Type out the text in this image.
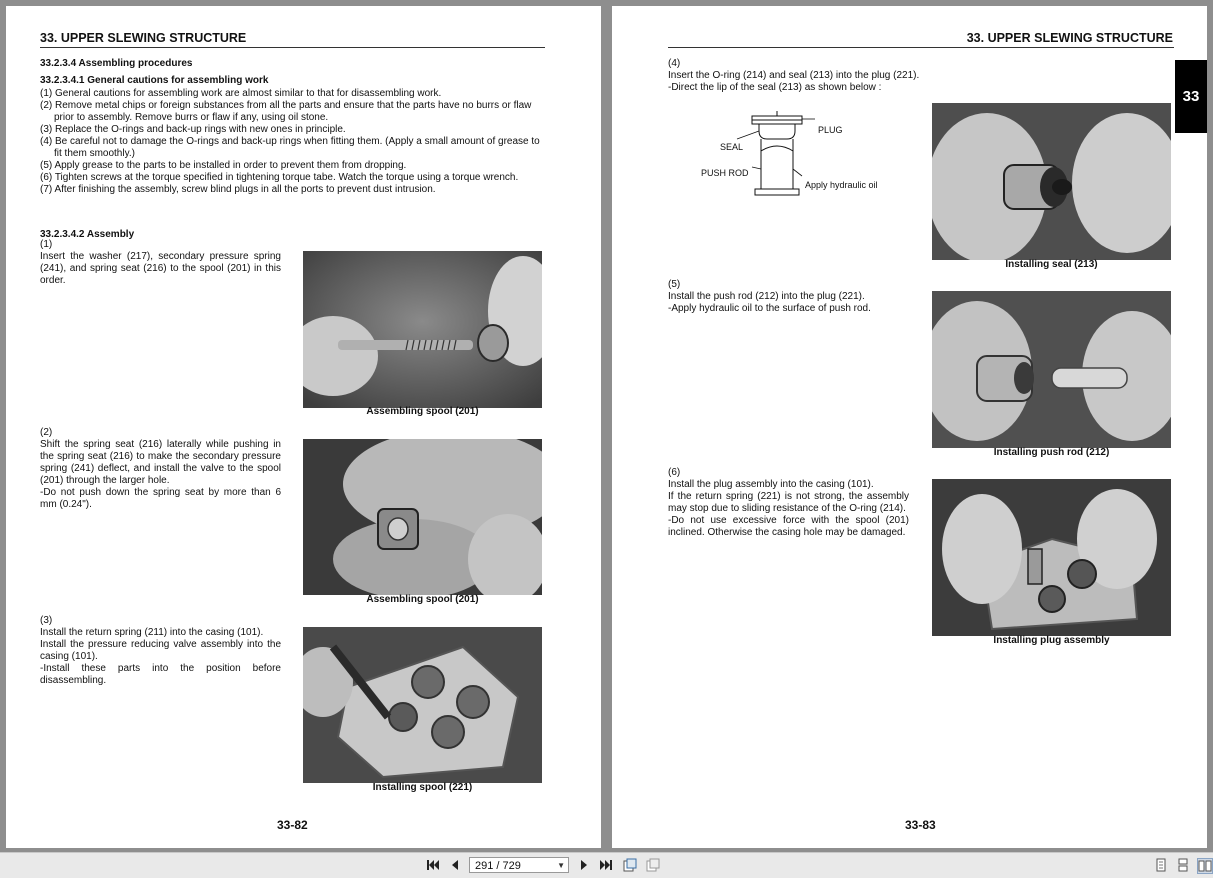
33. UPPER SLEWING STRUCTURE
33.2.3.4 Assembling procedures
33.2.3.4.1 General cautions for assembling work

(1) General cautions for assembling work are almost similar to that for disassembling work.

(2) Remove metal chips or foreign substances from all the parts and ensure that the parts have no burrs or flaw prior to assembly. Remove burrs or flaw if any, using oil stone.

(3) Replace the O-rings and back-up rings with new ones in principle.

(4) Be careful not to damage the O-rings and back-up rings when fitting them. (Apply a small amount of grease to fit them smoothly.)

(5) Apply grease to the parts to be installed in order to prevent them from dropping.

(6) Tighten screws at the torque specified in tightening torque tabe. Watch the torque using a torque wrench.

(7) After finishing the assembly, screw blind plugs in all the ports to prevent dust intrusion.

33.2.3.4.2 Assembly
(1)
Insert the washer (217), secondary pressure spring (241), and spring seat (216) to the spool (201) in this order.
Assembling spool (201)
(2)
Shift the spring seat (216) laterally while pushing in the spring seat (216) to make the secondary pressure spring (241) deflect, and install the valve to the spool (201) through the larger hole.
-Do not push down the spring seat by more than 6 mm (0.24").
Assembling spool (201)
(3)
Install the return spring (211) into the casing (101).
Install the pressure reducing valve assembly into the casing (101).
-Install these parts into the position before disassembling.
Installing spool (221)
33-82
33. UPPER SLEWING STRUCTURE
33
(4)
Insert the O-ring (214) and seal (213) into the plug (221).
-Direct the lip of the seal (213) as shown below :
PLUG
SEAL
PUSH ROD
Apply hydraulic oil
Installing seal (213)
(5)
Install the push rod (212) into the plug (221).
-Apply hydraulic oil to the surface of push rod.
Installing push rod (212)
(6)
Install the plug assembly into the casing (101).
If the return spring (221) is not strong, the assembly may stop due to sliding resistance of the O-ring (214).
-Do not use excessive force with the spool (201) inclined. Otherwise the casing hole may be damaged.
Installing plug assembly
33-83
291 / 729	▼
